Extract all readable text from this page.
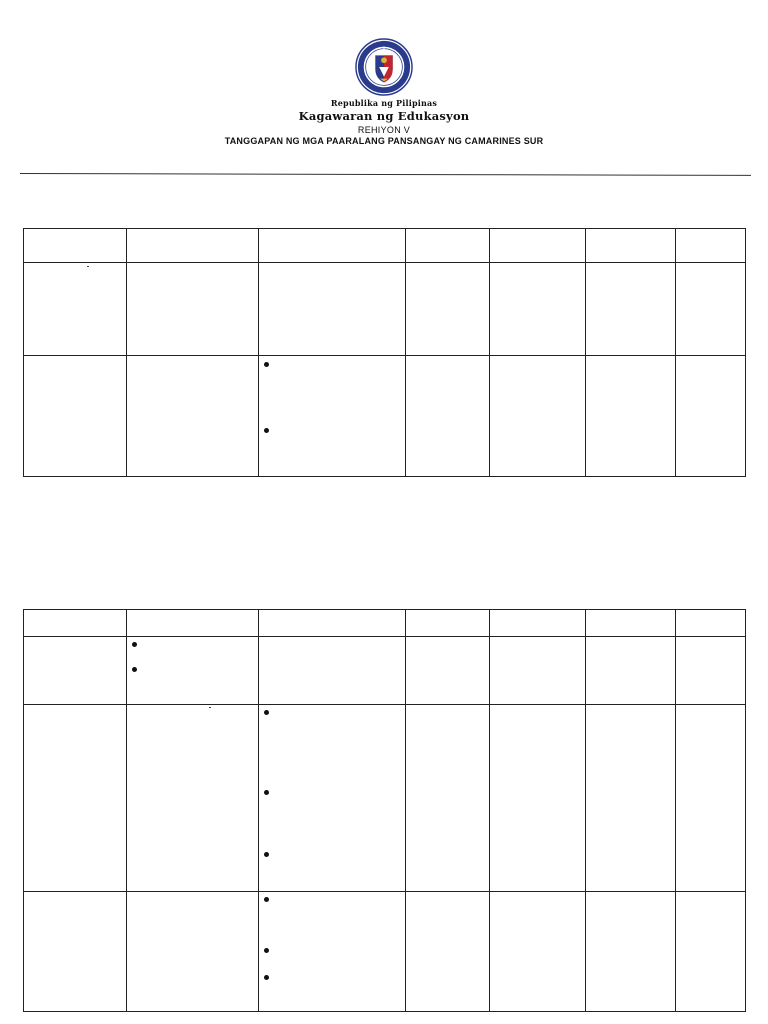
Republika ng Pilipinas
Kagawaran ng Edukasyon
REHIYON V
TANGGAPAN NG MGA PAARALANG PANSANGAY NG CAMARINES SUR
